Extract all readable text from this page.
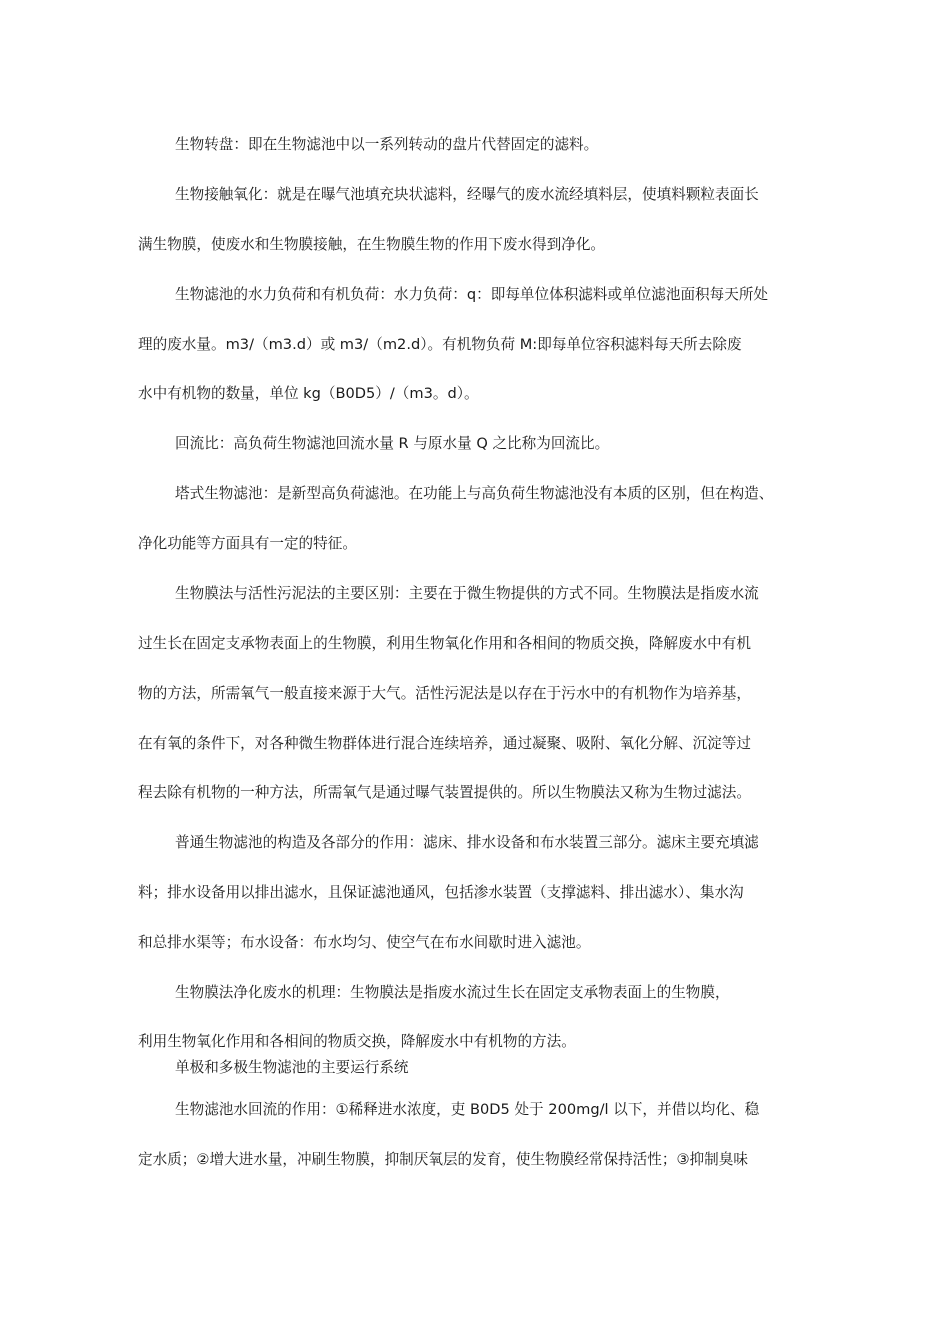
生物转盘：即在生物滤池中以一系列转动的盘片代替固定的滤料。
生物接触氧化：就是在曝气池填充块状滤料，经曝气的废水流经填料层，使填料颗粒表面长
满生物膜，使废水和生物膜接触，在生物膜生物的作用下废水得到净化。
生物滤池的水力负荷和有机负荷：水力负荷：q：即每单位体积滤料或单位滤池面积每天所处
理的废水量。m3/（m3.d）或 m3/（m2.d）。有机物负荷 M:即每单位容积滤料每天所去除废
水中有机物的数量，单位 kg（B0D5）/（m3。d）。
回流比：高负荷生物滤池回流水量 R 与原水量 Q 之比称为回流比。
塔式生物滤池：是新型高负荷滤池。在功能上与高负荷生物滤池没有本质的区别，但在构造、
净化功能等方面具有一定的特征。
生物膜法与活性污泥法的主要区别：主要在于微生物提供的方式不同。生物膜法是指废水流
过生长在固定支承物表面上的生物膜，利用生物氧化作用和各相间的物质交换，降解废水中有机
物的方法，所需氧气一般直接来源于大气。活性污泥法是以存在于污水中的有机物作为培养基，
在有氧的条件下，对各种微生物群体进行混合连续培养，通过凝聚、吸附、氧化分解、沉淀等过
程去除有机物的一种方法，所需氧气是通过曝气装置提供的。所以生物膜法又称为生物过滤法。
普通生物滤池的构造及各部分的作用：滤床、排水设备和布水装置三部分。滤床主要充填滤
料；排水设备用以排出滤水，且保证滤池通风，包括渗水装置（支撑滤料、排出滤水）、集水沟
和总排水渠等；布水设备：布水均匀、使空气在布水间歇时进入滤池。
生物膜法净化废水的机理：生物膜法是指废水流过生长在固定支承物表面上的生物膜，
利用生物氧化作用和各相间的物质交换，降解废水中有机物的方法。
单极和多极生物滤池的主要运行系统
生物滤池水回流的作用：①稀释进水浓度，吏 B0D5 处于 200mg/l 以下，并借以均化、稳
定水质；②增大进水量，冲刷生物膜，抑制厌氧层的发育，使生物膜经常保持活性；③抑制臭味
